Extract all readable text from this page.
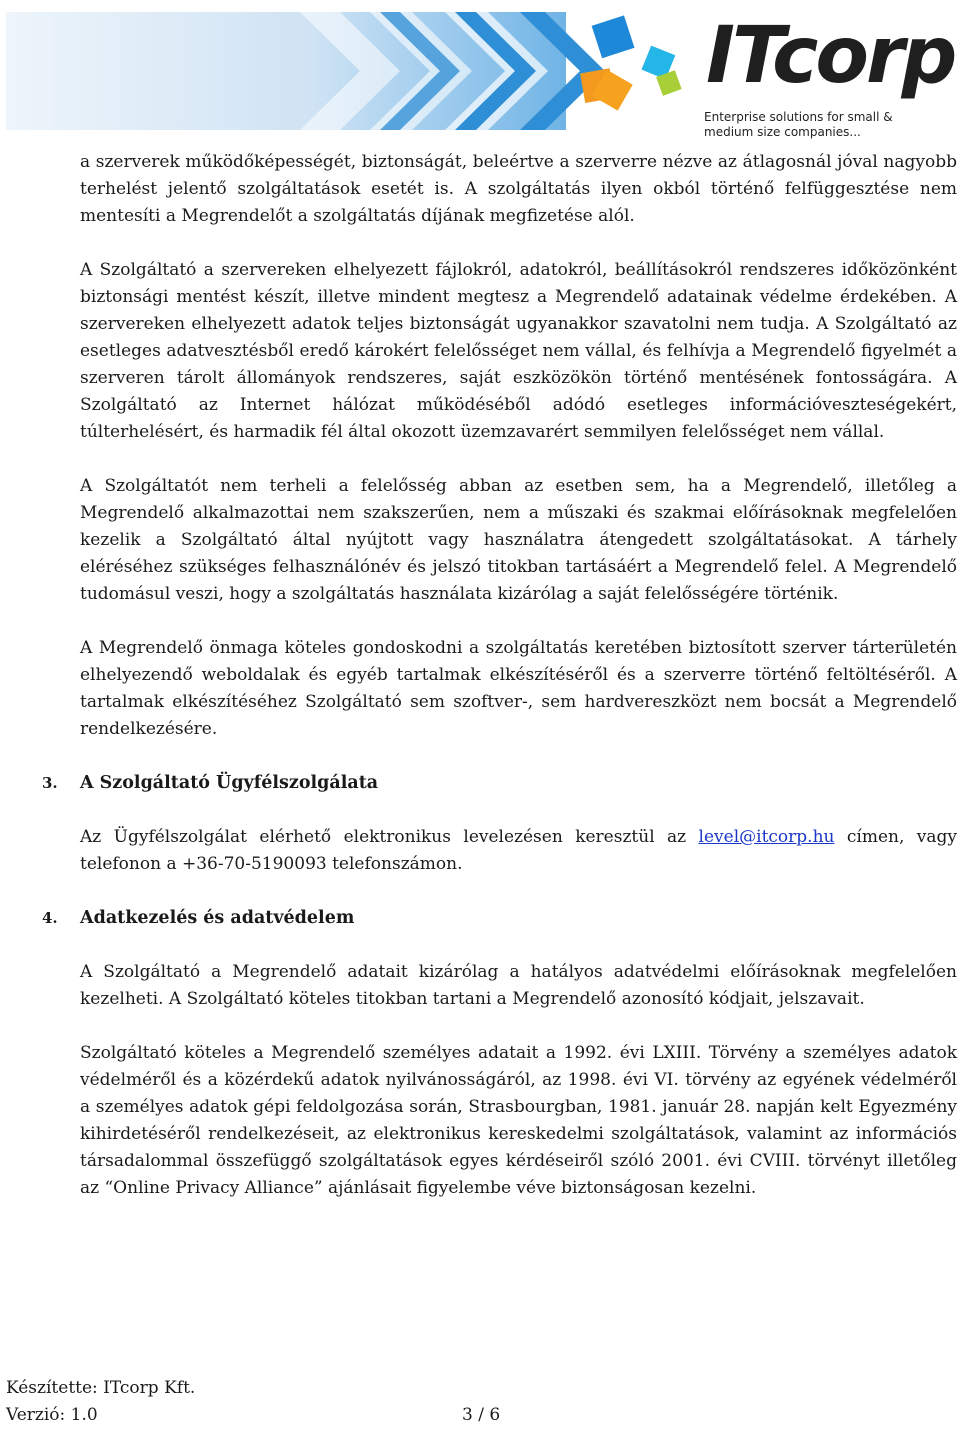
ITcorp
Enterprise solutions for small &
medium size companies...

a szerverek működőképességét, biztonságát, beleértve a szerverre nézve az átlagosnál jóval nagyobb terhelést jelentő szolgáltatások esetét is. A szolgáltatás ilyen okból történő felfüggesztése nem mentesíti a Megrendelőt a szolgáltatás díjának megfizetése alól.

A Szolgáltató a szervereken elhelyezett fájlokról, adatokról, beállításokról rendszeres időközönként biztonsági mentést készít, illetve mindent megtesz a Megrendelő adatainak védelme érdekében. A szervereken elhelyezett adatok teljes biztonságát ugyanakkor szavatolni nem tudja. A Szolgáltató az esetleges adatvesztésből eredő károkért felelősséget nem vállal, és felhívja a Megrendelő figyelmét a szerveren tárolt állományok rendszeres, saját eszközökön történő mentésének fontosságára. A Szolgáltató az Internet hálózat működéséből adódó esetleges információveszteségekért, túlterhelésért, és harmadik fél által okozott üzemzavarért semmilyen felelősséget nem vállal.

A Szolgáltatót nem terheli a felelősség abban az esetben sem, ha a Megrendelő, illetőleg a Megrendelő alkalmazottai nem szakszerűen, nem a műszaki és szakmai előírásoknak megfelelően kezelik a Szolgáltató által nyújtott vagy használatra átengedett szolgáltatásokat. A tárhely eléréséhez szükséges felhasználónév és jelszó titokban tartásáért a Megrendelő felel. A Megrendelő tudomásul veszi, hogy a szolgáltatás használata kizárólag a saját felelősségére történik.

A Megrendelő önmaga köteles gondoskodni a szolgáltatás keretében biztosított szerver tárterületén elhelyezendő weboldalak és egyéb tartalmak elkészítéséről és a szerverre történő feltöltéséről. A tartalmak elkészítéséhez Szolgáltató sem szoftver-, sem hardvereszközt nem bocsát a Megrendelő rendelkezésére.

3. A Szolgáltató Ügyfélszolgálata

Az Ügyfélszolgálat elérhető elektronikus levelezésen keresztül az level@itcorp.hu címen, vagy telefonon a +36-70-5190093 telefonszámon.

4. Adatkezelés és adatvédelem

A Szolgáltató a Megrendelő adatait kizárólag a hatályos adatvédelmi előírásoknak megfelelően kezelheti. A Szolgáltató köteles titokban tartani a Megrendelő azonosító kódjait, jelszavait.

Szolgáltató köteles a Megrendelő személyes adatait a 1992. évi LXIII. Törvény a személyes adatok védelméről és a közérdekű adatok nyilvánosságáról, az 1998. évi VI. törvény az egyének védelméről a személyes adatok gépi feldolgozása során, Strasbourgban, 1981. január 28. napján kelt Egyezmény kihirdetéséről rendelkezéseit, az elektronikus kereskedelmi szolgáltatások, valamint az információs társadalommal összefüggő szolgáltatások egyes kérdéseiről szóló 2001. évi CVIII. törvényt illetőleg az “Online Privacy Alliance” ajánlásait figyelembe véve biztonságosan kezelni.

Készítette: ITcorp Kft.
Verzió: 1.0	3 / 6
